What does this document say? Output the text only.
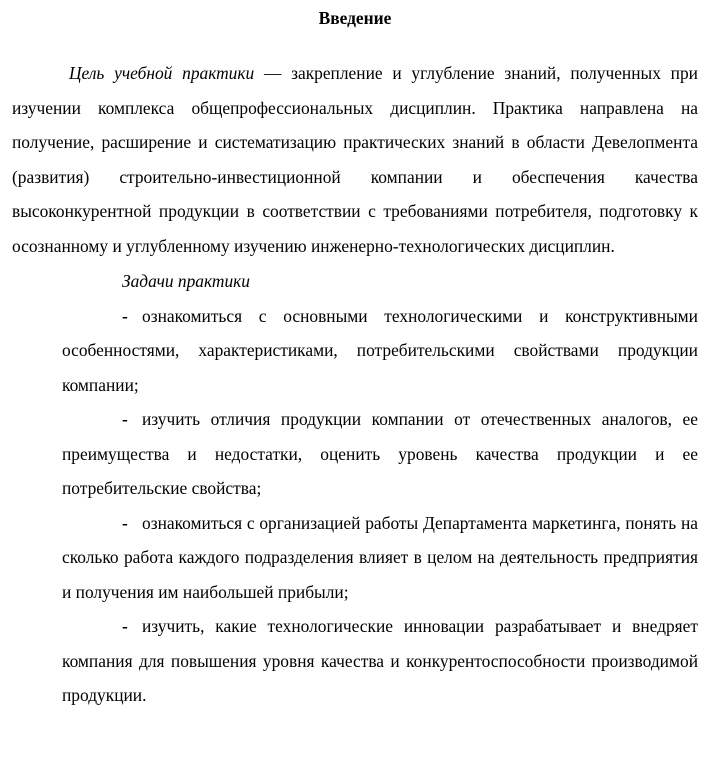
Введение

Цель учебной практики — закрепление и углубление знаний, полученных при изучении комплекса общепрофессиональных дисциплин. Практика направлена на получение, расширение и систематизацию практических знаний в области Девелопмента (развития) строительно-инвестиционной компании и обеспечения качества высоконкурентной продукции в соответствии с требованиями потребителя, подготовку к осознанному и углубленному изучению инженерно-технологических дисциплин.

Задачи практики
- ознакомиться с основными технологическими и конструктивными особенностями, характеристиками, потребительскими свойствами продукции компании;
- изучить отличия продукции компании от отечественных аналогов, ее преимущества и недостатки, оценить уровень качества продукции и ее потребительские свойства;
- ознакомиться с организацией работы Департамента маркетинга, понять на сколько работа каждого подразделения влияет в целом на деятельность предприятия и получения им наибольшей прибыли;
- изучить, какие технологические инновации разрабатывает и внедряет компания для повышения уровня качества и конкурентоспособности производимой продукции.
